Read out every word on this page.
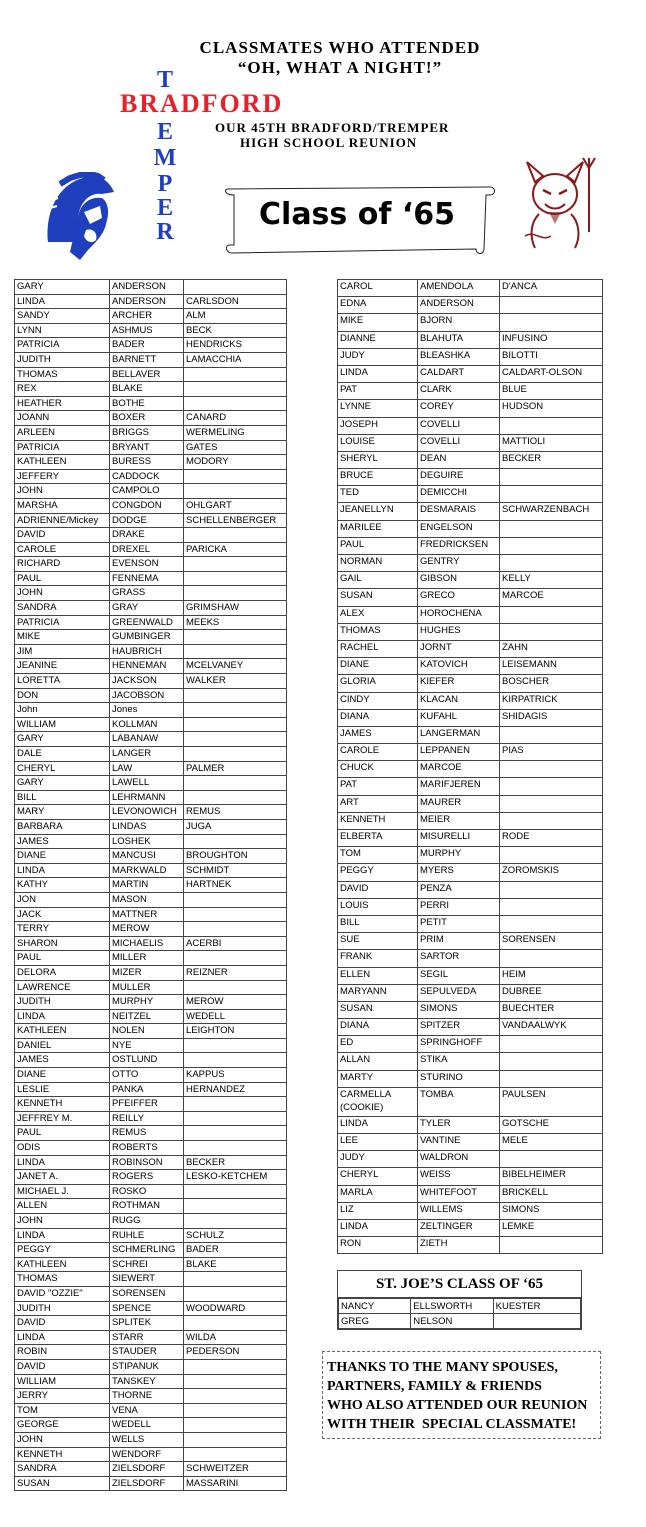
CLASSMATES WHO ATTENDED
“OH, WHAT A NIGHT!”
BRADFORD
T
E
M
P
E
R
OUR 45TH BRADFORD/TREMPER
HIGH SCHOOL REUNION
Class of ‘65
GARY	ANDERSON	
LINDA	ANDERSON	CARLSDON
SANDY	ARCHER	ALM
LYNN	ASHMUS	BECK
PATRICIA	BADER	HENDRICKS
JUDITH	BARNETT	LAMACCHIA
THOMAS	BELLAVER	
REX	BLAKE	
HEATHER	BOTHE	
JOANN	BOXER	CANARD
ARLEEN	BRIGGS	WERMELING
PATRICIA	BRYANT	GATES
KATHLEEN	BURESS	MODORY
JEFFERY	CADDOCK	
JOHN	CAMPOLO	
MARSHA	CONGDON	OHLGART
ADRIENNE/Mickey	DODGE	SCHELLENBERGER
DAVID	DRAKE	
CAROLE	DREXEL	PARICKA
RICHARD	EVENSON	
PAUL	FENNEMA	
JOHN	GRASS	
SANDRA	GRAY	GRIMSHAW
PATRICIA	GREENWALD	MEEKS
MIKE	GUMBINGER	
JIM	HAUBRICH	
JEANINE	HENNEMAN	MCELVANEY
LORETTA	JACKSON	WALKER
DON	JACOBSON	
John	Jones	
WILLIAM	KOLLMAN	
GARY	LABANAW	
DALE	LANGER	
CHERYL	LAW	PALMER
GARY	LAWELL	
BILL	LEHRMANN	
MARY	LEVONOWICH	REMUS
BARBARA	LINDAS	JUGA
JAMES	LOSHEK	
DIANE	MANCUSI	BROUGHTON
LINDA	MARKWALD	SCHMIDT
KATHY	MARTIN	HARTNEK
JON	MASON	
JACK	MATTNER	
TERRY	MEROW	
SHARON	MICHAELIS	ACERBI
PAUL	MILLER	
DELORA	MIZER	REIZNER
LAWRENCE	MULLER	
JUDITH	MURPHY	MEROW
LINDA	NEITZEL	WEDELL
KATHLEEN	NOLEN	LEIGHTON
DANIEL	NYE	
JAMES	OSTLUND	
DIANE	OTTO	KAPPUS
LESLIE	PANKA	HERNANDEZ
KENNETH	PFEIFFER	
JEFFREY M.	REILLY	
PAUL	REMUS	
ODIS	ROBERTS	
LINDA	ROBINSON	BECKER
JANET A.	ROGERS	LESKO-KETCHEM
MICHAEL J.	ROSKO	
ALLEN	ROTHMAN	
JOHN	RUGG	
LINDA	RUHLE	SCHULZ
PEGGY	SCHMERLING	BADER
KATHLEEN	SCHREI	BLAKE
THOMAS	SIEWERT	
DAVID "OZZIE"	SORENSEN	
JUDITH	SPENCE	WOODWARD
DAVID	SPLITEK	
LINDA	STARR	WILDA
ROBIN	STAUDER	PEDERSON
DAVID	STIPANUK	
WILLIAM	TANSKEY	
JERRY	THORNE	
TOM	VENA	
GEORGE	WEDELL	
JOHN	WELLS	
KENNETH	WENDORF	
SANDRA	ZIELSDORF	SCHWEITZER
SUSAN	ZIELSDORF	MASSARINI
CAROL	AMENDOLA	D'ANCA
EDNA	ANDERSON	
MIKE	BJORN	
DIANNE	BLAHUTA	INFUSINO
JUDY	BLEASHKA	BILOTTI
LINDA	CALDART	CALDART-OLSON
PAT	CLARK	BLUE
LYNNE	COREY	HUDSON
JOSEPH	COVELLI	
LOUISE	COVELLI	MATTIOLI
SHERYL	DEAN	BECKER
BRUCE	DEGUIRE	
TED	DEMICCHI	
JEANELLYN	DESMARAIS	SCHWARZENBACH
MARILEE	ENGELSON	
PAUL	FREDRICKSEN	
NORMAN	GENTRY	
GAIL	GIBSON	KELLY
SUSAN	GRECO	MARCOE
ALEX	HOROCHENA	
THOMAS	HUGHES	
RACHEL	JORNT	ZAHN
DIANE	KATOVICH	LEISEMANN
GLORIA	KIEFER	BOSCHER
CINDY	KLACAN	KIRPATRICK
DIANA	KUFAHL	SHIDAGIS
JAMES	LANGERMAN	
CAROLE	LEPPANEN	PIAS
CHUCK	MARCOE	
PAT	MARIFJEREN	
ART	MAURER	
KENNETH	MEIER	
ELBERTA	MISURELLI	RODE
TOM	MURPHY	
PEGGY	MYERS	ZOROMSKIS
DAVID	PENZA	
LOUIS	PERRI	
BILL	PETIT	
SUE	PRIM	SORENSEN
FRANK	SARTOR	
ELLEN	SEGIL	HEIM
MARYANN	SEPULVEDA	DUBREE
SUSAN	SIMONS	BUECHTER
DIANA	SPITZER	VANDAALWYK
ED	SPRINGHOFF	
ALLAN	STIKA	
MARTY	STURINO	
CARMELLA (COOKIE)	TOMBA	PAULSEN
LINDA	TYLER	GOTSCHE
LEE	VANTINE	MELE
JUDY	WALDRON	
CHERYL	WEISS	BIBELHEIMER
MARLA	WHITEFOOT	BRICKELL
LIZ	WILLEMS	SIMONS
LINDA	ZELTINGER	LEMKE
RON	ZIETH	
ST. JOE’S CLASS OF ‘65
NANCY	ELLSWORTH	KUESTER
GREG	NELSON	
THANKS TO THE MANY SPOUSES,
PARTNERS, FAMILY & FRIENDS
WHO ALSO ATTENDED OUR REUNION
WITH THEIR  SPECIAL CLASSMATE!
